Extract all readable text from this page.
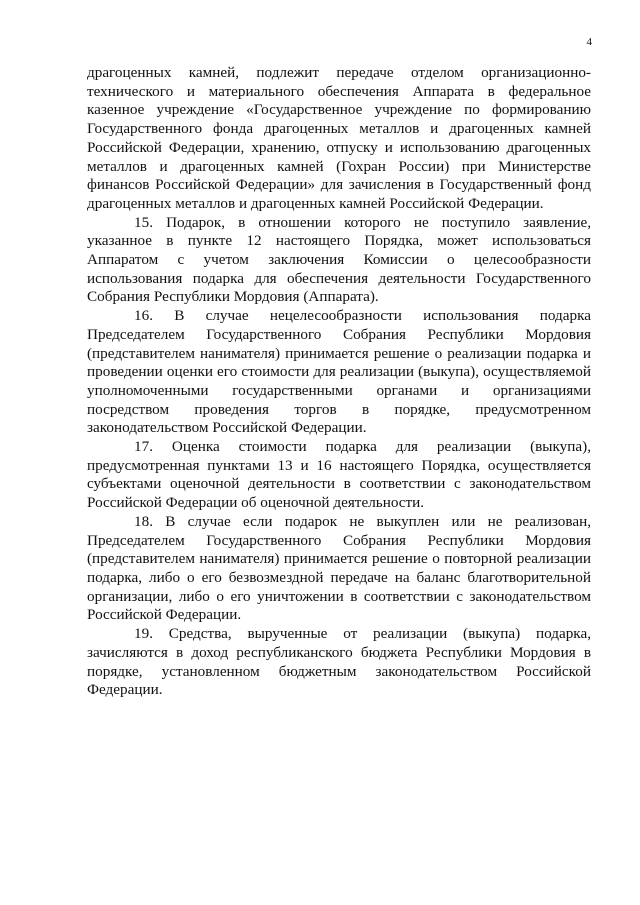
4

драгоценных камней, подлежит передаче отделом организационно-технического и материального обеспечения Аппарата в федеральное казенное учреждение «Государственное учреждение по формированию Государственного фонда драгоценных металлов и драгоценных камней Российской Федерации, хранению, отпуску и использованию драгоценных металлов и драгоценных камней (Гохран России) при Министерстве финансов Российской Федерации» для зачисления в Государственный фонд драгоценных металлов и драгоценных камней Российской Федерации.

15. Подарок, в отношении которого не поступило заявление, указанное в пункте 12 настоящего Порядка, может использоваться Аппаратом с учетом заключения Комиссии о целесообразности использования подарка для обеспечения деятельности Государственного Собрания Республики Мордовия (Аппарата).

16. В случае нецелесообразности использования подарка Председателем Государственного Собрания Республики Мордовия (представителем нанимателя) принимается решение о реализации подарка и проведении оценки его стоимости для реализации (выкупа), осуществляемой уполномоченными государственными органами и организациями посредством проведения торгов в порядке, предусмотренном законодательством Российской Федерации.

17. Оценка стоимости подарка для реализации (выкупа), предусмотренная пунктами 13 и 16 настоящего Порядка, осуществляется субъектами оценочной деятельности в соответствии с законодательством Российской Федерации об оценочной деятельности.

18. В случае если подарок не выкуплен или не реализован, Председателем Государственного Собрания Республики Мордовия (представителем нанимателя) принимается решение о повторной реализации подарка, либо о его безвозмездной передаче на баланс благотворительной организации, либо о его уничтожении в соответствии с законодательством Российской Федерации.

19. Средства, вырученные от реализации (выкупа) подарка, зачисляются в доход республиканского бюджета Республики Мордовия в порядке, установленном бюджетным законодательством Российской Федерации.
